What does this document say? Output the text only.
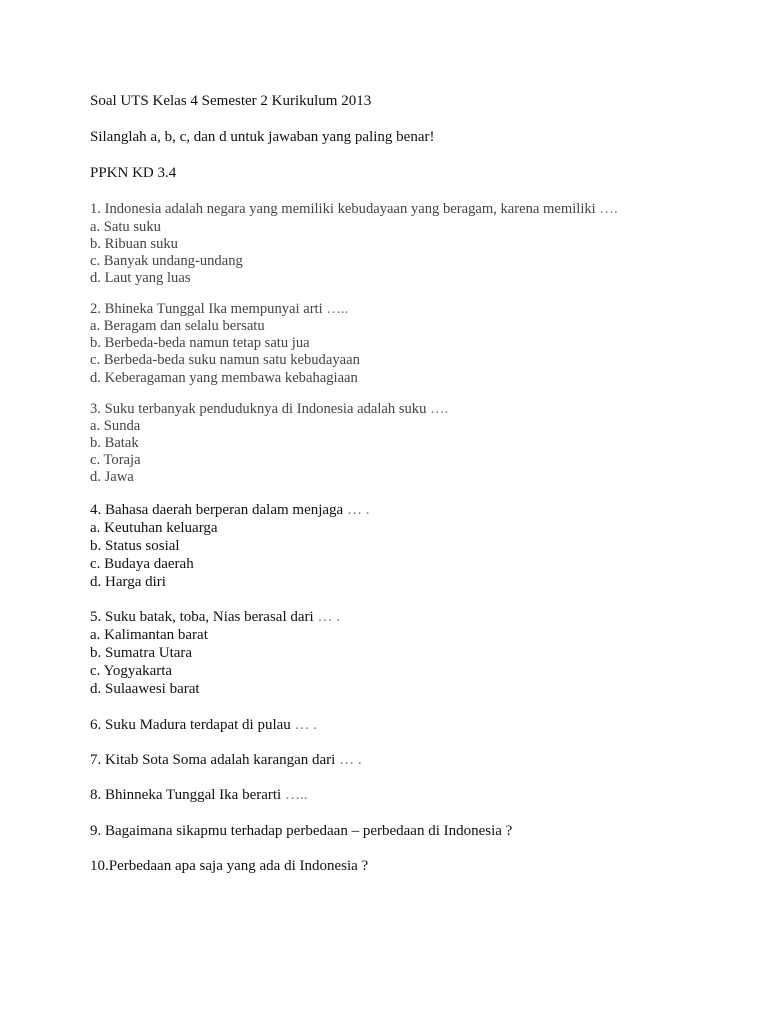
Soal UTS Kelas 4 Semester 2 Kurikulum 2013
Silanglah a, b, c, dan d untuk jawaban yang paling benar!
PPKN KD 3.4
1. Indonesia adalah negara yang memiliki kebudayaan yang beragam, karena memiliki ….
a. Satu suku
b. Ribuan suku
c. Banyak undang-undang
d. Laut yang luas
2. Bhineka Tunggal Ika mempunyai arti …..
a. Beragam dan selalu bersatu
b. Berbeda-beda namun tetap satu jua
c. Berbeda-beda suku namun satu kebudayaan
d. Keberagaman yang membawa kebahagiaan
3. Suku terbanyak penduduknya di Indonesia adalah suku ….
a. Sunda
b. Batak
c. Toraja
d. Jawa
4. Bahasa daerah berperan dalam menjaga … .
a. Keutuhan keluarga
b. Status sosial
c. Budaya daerah
d. Harga diri
5. Suku batak, toba, Nias berasal dari … .
a. Kalimantan barat
b. Sumatra Utara
c. Yogyakarta
d. Sulaawesi barat
6. Suku Madura terdapat di pulau … .
7. Kitab Sota Soma adalah karangan dari … .
8. Bhinneka Tunggal Ika berarti …..
9. Bagaimana sikapmu terhadap perbedaan – perbedaan di Indonesia ?
10.Perbedaan apa saja yang ada di Indonesia ?
